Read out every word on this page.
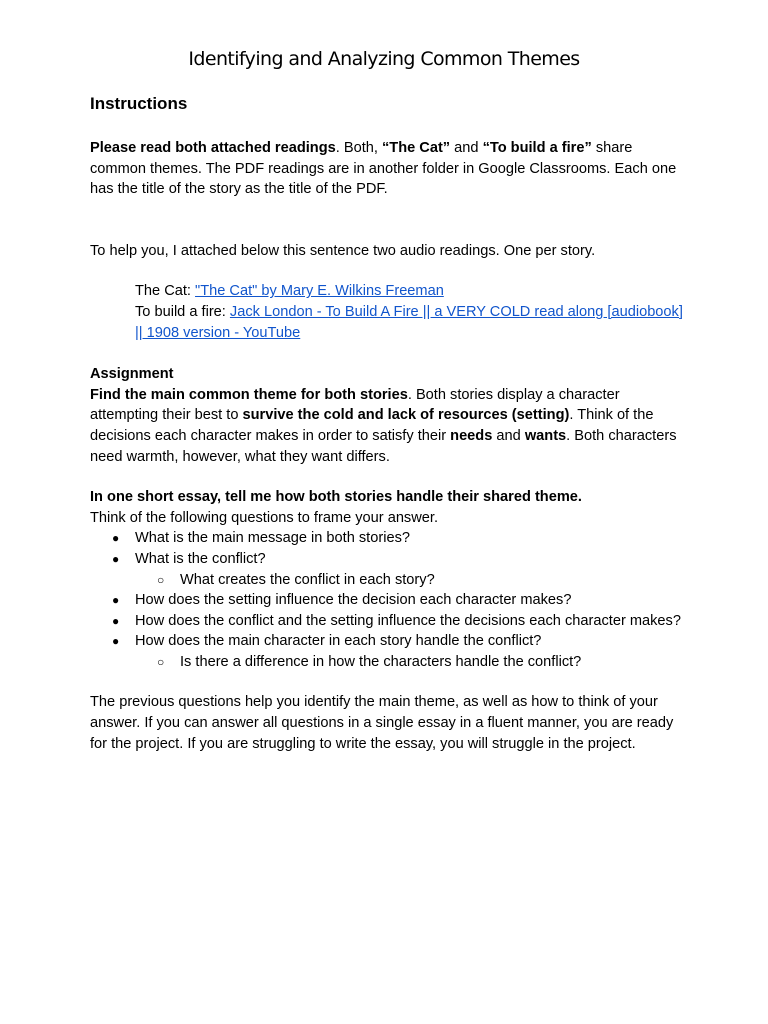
Identifying and Analyzing Common Themes
Instructions

Please read both attached readings. Both, “The Cat” and “To build a fire” share common themes. The PDF readings are in another folder in Google Classrooms. Each one has the title of the story as the title of the PDF.

To help you, I attached below this sentence two audio readings. One per story.

The Cat: "The Cat" by Mary E. Wilkins Freeman

To build a fire: Jack London - To Build A Fire || a VERY COLD read along [audiobook] || 1908 version - YouTube

Assignment

Find the main common theme for both stories. Both stories display a character attempting their best to survive the cold and lack of resources (setting). Think of the decisions each character makes in order to satisfy their needs and wants. Both characters need warmth, however, what they want differs.

In one short essay, tell me how both stories handle their shared theme.

Think of the following questions to frame your answer.

● What is the main message in both stories?
● What is the conflict?
○ What creates the conflict in each story?
● How does the setting influence the decision each character makes?
● How does the conflict and the setting influence the decisions each character makes?
● How does the main character in each story handle the conflict?
○ Is there a difference in how the characters handle the conflict?

The previous questions help you identify the main theme, as well as how to think of your answer. If you can answer all questions in a single essay in a fluent manner, you are ready for the project. If you are struggling to write the essay, you will struggle in the project.
